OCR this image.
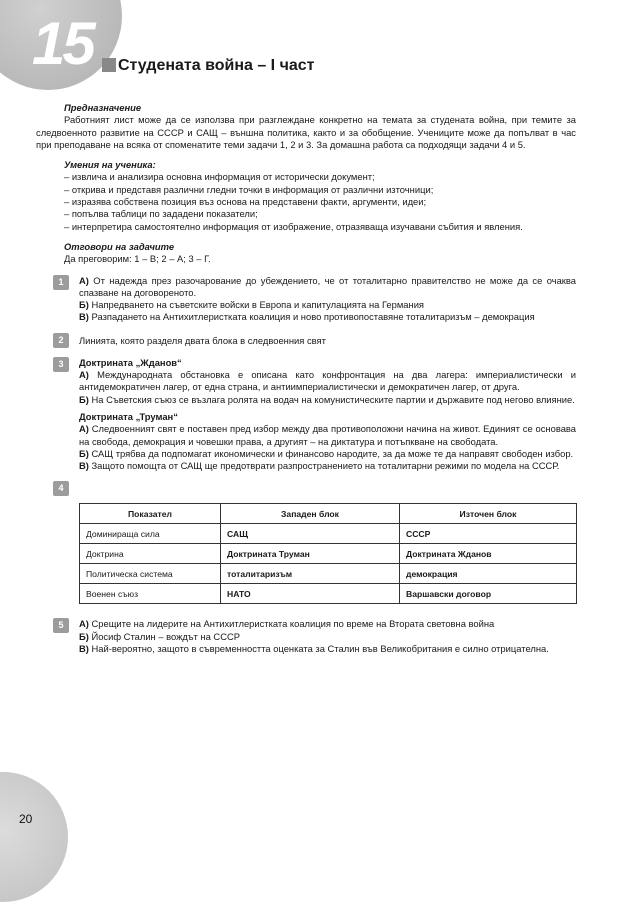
15 Студената война – I част

Предназначение

Работният лист може да се използва при разглеждане конкретно на темата за студената война, при темите за следвоенното развитие на СССР и САЩ – външна политика, както и за обобщение. Учениците може да попълват в час при преподаване на всяка от споменатите теми задачи 1, 2 и 3. За домашна работа са подходящи задачи 4 и 5.

Умения на ученика:

– извлича и анализира основна информация от исторически документ;

– открива и представя различни гледни точки в информация от различни източници;

– изразява собствена позиция въз основа на представени факти, аргументи, идеи;

– попълва таблици по зададени показатели;

– интерпретира самостоятелно информация от изображение, отразяваща изучавани събития и явления.

Отговори на задачите

Да преговорим: 1 – В; 2 – А; 3 – Г.

1	А) От надежда през разочарование до убеждението, че от тоталитарно правителство не може да се очаква спазване на договореното.

Б) Напредването на съветските войски в Европа и капитулацията на Германия

В) Разпадането на Антихитлеристката коалиция и ново противопоставяне тоталитаризъм – демокрация

2	Линията, която разделя двата блока в следвоенния свят

3	Доктрината „Жданов“

А) Международната обстановка е описана като конфронтация на два лагера: империалистически и антидемократичен лагер, от една страна, и антиимпериалистически и демократичен лагер, от друга.

Б) На Съветския съюз се възлага ролята на водач на комунистическите партии и държавите под негово влияние.

Доктрината „Труман“

А) Следвоенният свят е поставен пред избор между два противоположни начина на живот. Единият се основава на свобода, демокрация и човешки права, а другият – на диктатура и потъпкване на свободата.

Б) САЩ трябва да подпомагат икономически и финансово народите, за да може те да направят свободен избор.

В) Защото помощта от САЩ ще предотврати разпространението на тоталитарни режими по модела на СССР.

4
Показател	Западен блок	Източен блок
Доминираща сила	САЩ	СССР
Доктрина	Доктрината Труман	Доктрината Жданов
Политическа система	тоталитаризъм	демокрация
Военен съюз	НАТО	Варшавски договор
5	А) Срещите на лидерите на Антихитлеристката коалиция по време на Втората световна война

Б) Йосиф Сталин – вождът на СССР

В) Най-вероятно, защото в съвременността оценката за Сталин във Великобритания е силно отрицателна.

20
